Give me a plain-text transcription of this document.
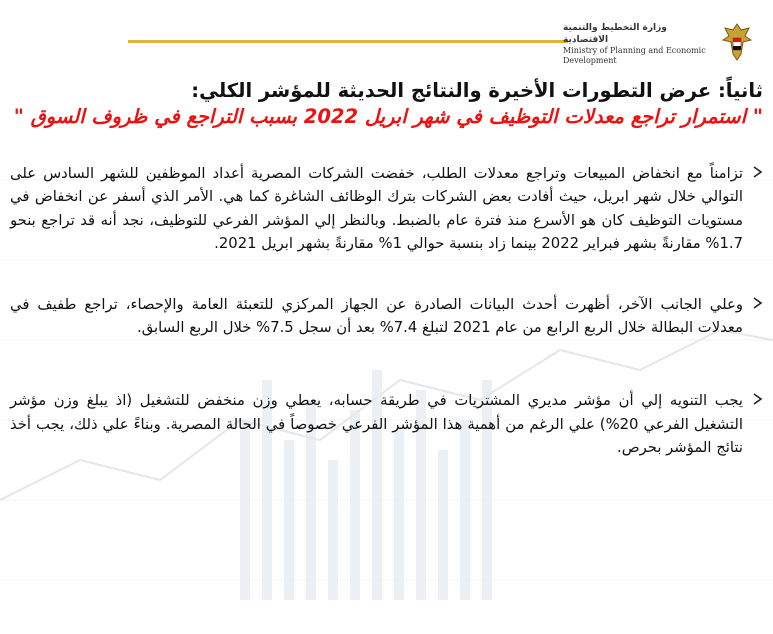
وزارة التخطيط والتنمية الاقتصادية
Ministry of Planning and Economic
Development
ثانياً: عرض التطورات الأخيرة والنتائج الحديثة للمؤشر الكلي:
" استمرار تراجع معدلات التوظيف في شهر ابريل 2022 بسبب التراجع في ظروف السوق "
تزامناً مع انخفاض المبيعات وتراجع معدلات الطلب، خفضت الشركات المصرية أعداد الموظفين للشهر السادس على التوالي خلال شهر ابريل، حيث أفادت بعض الشركات بترك الوظائف الشاغرة كما هي. الأمر الذي أسفر عن انخفاض في مستويات التوظيف كان هو الأسرع منذ فترة عام بالضبط. وبالنظر إلي المؤشر الفرعي للتوظيف، نجد أنه قد تراجع بنحو 1.7% مقارنةً بشهر فبراير 2022 بينما زاد بنسبة حوالي 1% مقارنةً بشهر ابريل 2021.
وعلي الجانب الآخر، أظهرت أحدث البيانات الصادرة عن الجهاز المركزي للتعبئة العامة والإحصاء، تراجع طفيف في معدلات البطالة خلال الربع الرابع من عام 2021 لتبلغ 7.4% بعد أن سجل 7.5% خلال الربع السابق.
يجب التنويه إلي أن مؤشر مديري المشتريات في طريقة حسابه، يعطي وزن منخفض للتشغيل (اذ يبلغ وزن مؤشر التشغيل الفرعي 20%) علي الرغم من أهمية هذا المؤشر الفرعي خصوصاً في الحالة المصرية. وبناءً علي ذلك، يجب أخذ نتائج المؤشر بحرص.
